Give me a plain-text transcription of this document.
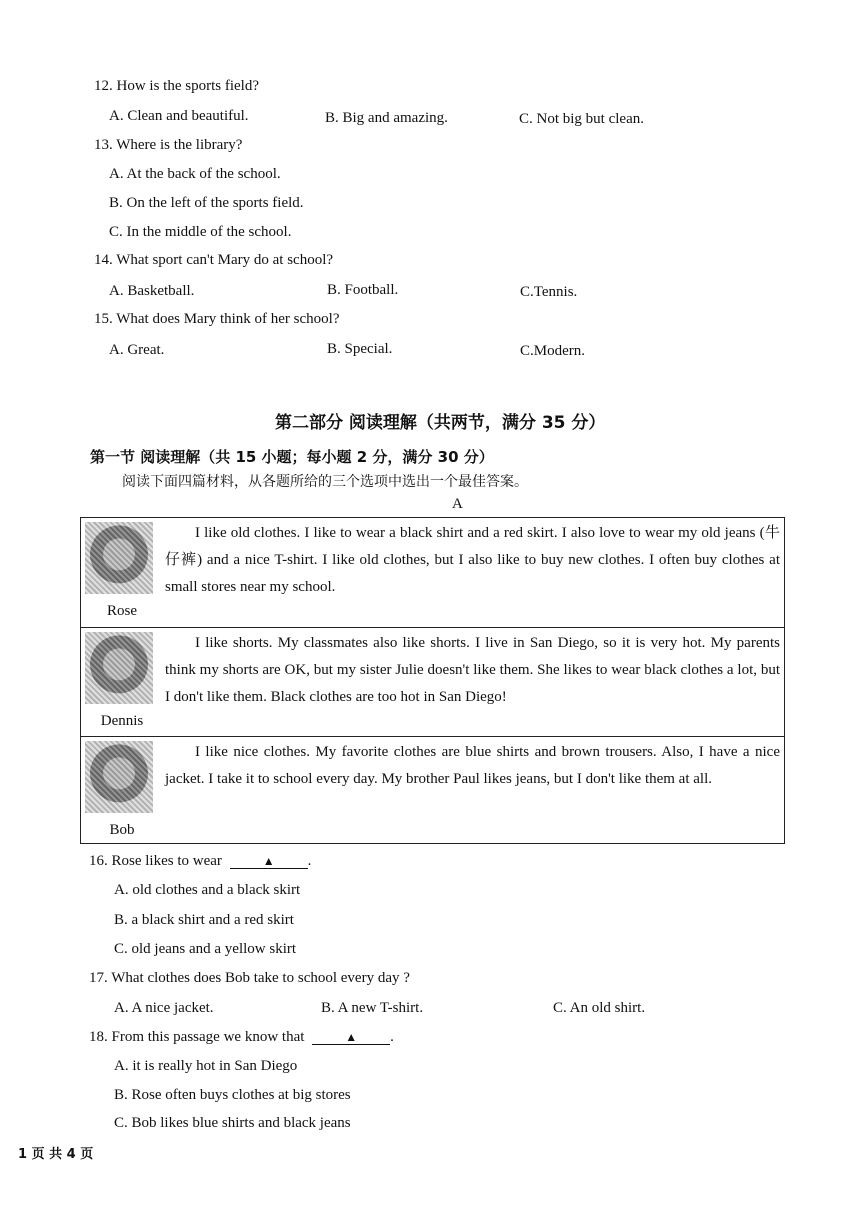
12. How is the sports field?
A. Clean and beautiful.	B. Big and amazing.	C. Not big but clean.
13. Where is the library?
A. At the back of the school.
B. On the left of the sports field.
C. In the middle of the school.
14. What sport can't Mary do at school?
A. Basketball.	B. Football.	C.Tennis.
15. What does Mary think of her school?
A. Great.	B. Special.	C.Modern.
第二部分 阅读理解（共两节，满分 35 分）
第一节 阅读理解（共 15 小题；每小题 2 分，满分 30 分）
阅读下面四篇材料，从各题所给的三个选项中选出一个最佳答案。
A
Rose
I like old clothes. I like to wear a black shirt and a red skirt. I also love to wear my old jeans (牛仔裤) and a nice T-shirt. I like old clothes, but I also like to buy new clothes. I often buy clothes at small stores near my school.
Dennis
I like shorts. My classmates also like shorts. I live in San Diego, so it is very hot. My parents think my shorts are OK, but my sister Julie doesn't like them. She likes to wear black clothes a lot, but I don't like them. Black clothes are too hot in San Diego!
Bob
I like nice clothes. My favorite clothes are blue shirts and brown trousers. Also, I have a nice jacket. I take it to school every day. My brother Paul likes jeans, but I don't like them at all.
16. Rose likes to wear	▲ .
A. old clothes and a black skirt
B. a black shirt and a red skirt
C. old jeans and a yellow skirt
17. What clothes does Bob take to school every day ?
A. A nice jacket.	B. A new T-shirt.	C. An old shirt.
18. From this passage we know that	▲ .
A. it is really hot in San Diego
B. Rose often buys clothes at big stores
C. Bob likes blue shirts and black jeans
1 页 共 4 页
